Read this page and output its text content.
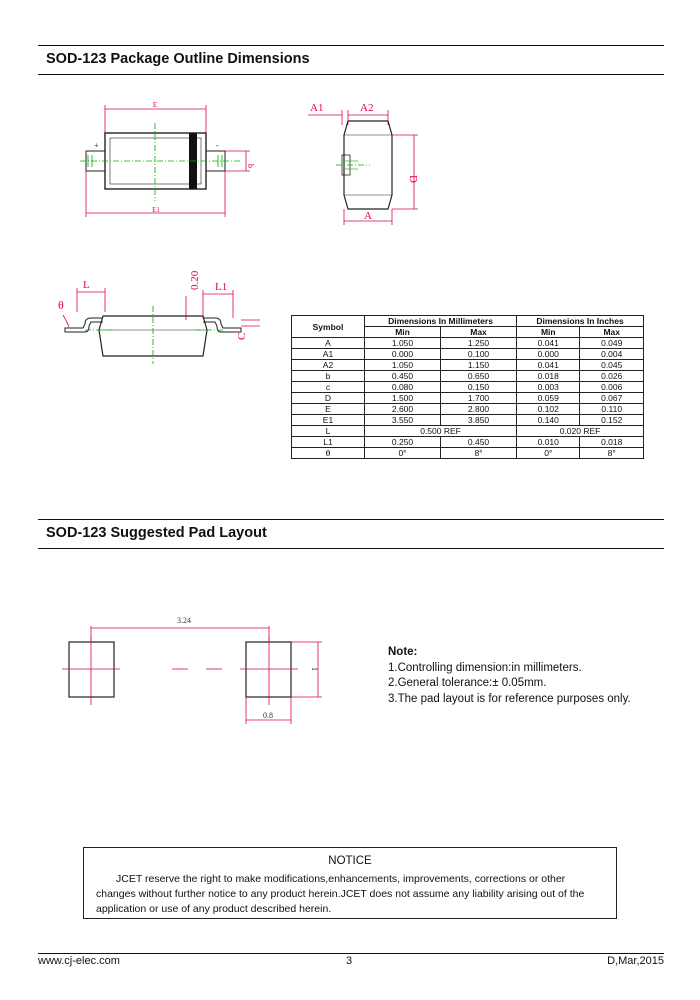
SOD-123 Package Outline Dimensions
E
+	-
b
E1
A1	A2
D
A
0.20
L
θ
L1
C
Symbol	Dimensions In Millimeters		Dimensions In Inches	
	Min	Max	Min	Max
A	1.050	1.250	0.041	0.049
A1	0.000	0.100	0.000	0.004
A2	1.050	1.150	0.041	0.045
b	0.450	0.650	0.018	0.026
c	0.080	0.150	0.003	0.006
D	1.500	1.700	0.059	0.067
E	2.600	2.800	0.102	0.110
E1	3.550	3.850	0.140	0.152
L	0.500 REF		0.020 REF	
L1	0.250	0.450	0.010	0.018
θ	0°	8°	0°	8°
SOD-123 Suggested Pad Layout
3.24
1
0.8
Note:
1.Controlling dimension:in millimeters.
2.General tolerance:± 0.05mm.
3.The pad layout is for reference purposes only.
NOTICE
JCET reserve the right to make modifications,enhancements, improvements, corrections or other changes without further notice to any product herein.JCET does not assume any liability arising out of the application or use of any product described herein.
www.cj-elec.com	3	D,Mar,2015
